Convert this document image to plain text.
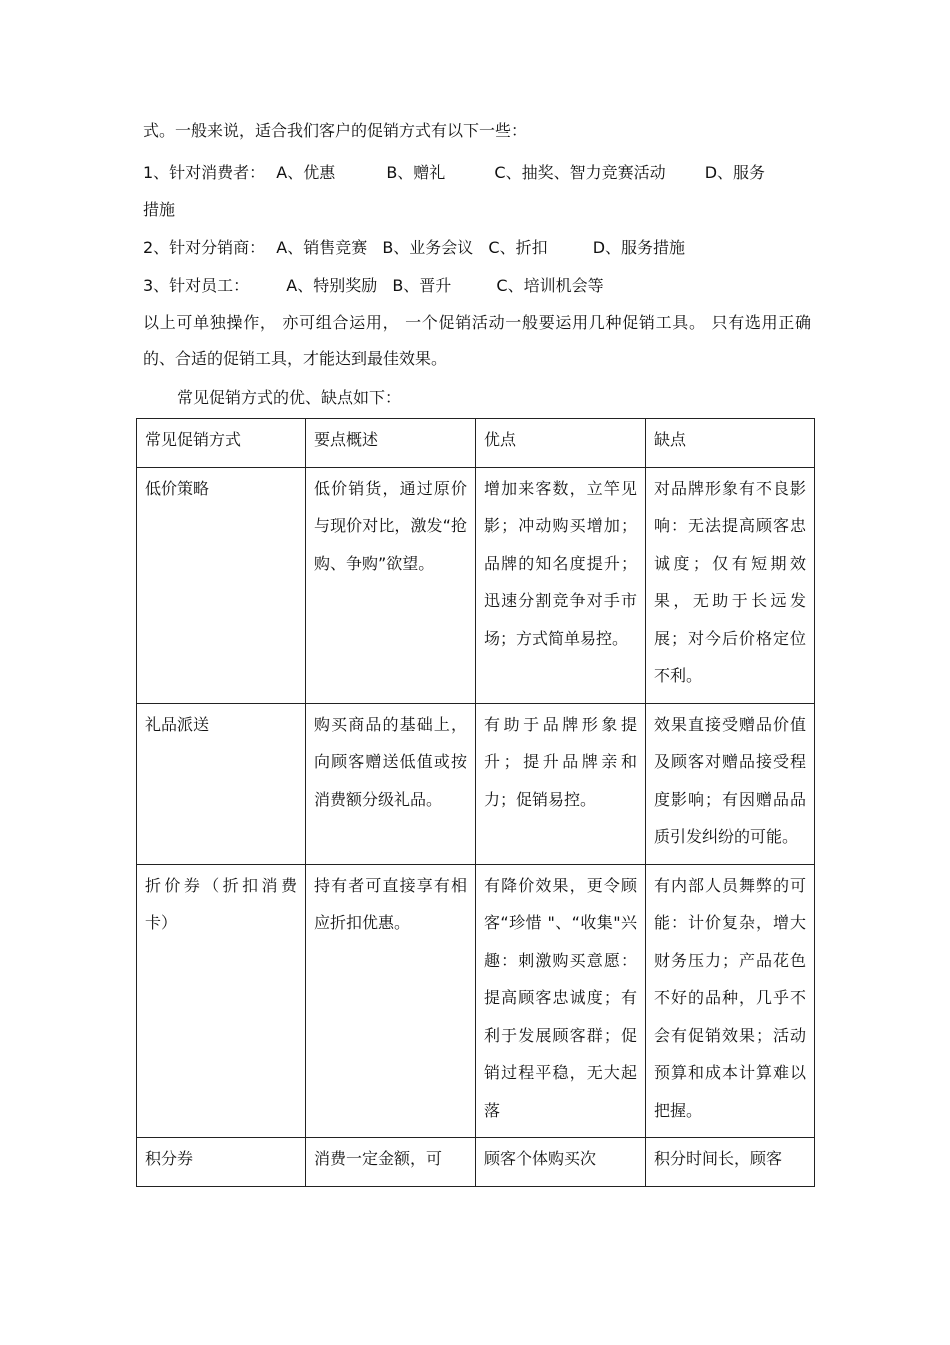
式。一般来说，适合我们客户的促销方式有以下一些：

1、针对消费者： A、优惠	B、赠礼	C、抽奖、智力竞赛活动 D、服务

措施

2、针对分销商： A、销售竞赛 B、业务会议 C、折扣	D、服务措施

3、针对员工： A、特别奖励 B、晋升	C、培训机会等

以上可单独操作， 亦可组合运用， 一个促销活动一般要运用几种促销工具。 只有选用正确的、合适的促销工具，才能达到最佳效果。

常见促销方式的优、缺点如下：

常见促销方式	要点概述	优点	缺点

低价策略	低价销货，通过原价与现价对比，激发“抢购、争购”欲望。	增加来客数，立竿见影；冲动购买增加；品牌的知名度提升；迅速分割竞争对手市场；方式简单易控。	对品牌形象有不良影响：无法提高顾客忠诚度；仅有短期效果，无助于长远发展；对今后价格定位不利。

礼品派送	购买商品的基础上，向顾客赠送低值或按消费额分级礼品。	有助于品牌形象提升；提升品牌亲和力；促销易控。	效果直接受赠品价值及顾客对赠品接受程度影响；有因赠品品质引发纠纷的可能。

折价券（折扣消费卡）	持有者可直接享有相应折扣优惠。	有降价效果，更令顾客“珍惜 "、“收集"兴趣：刺激购买意愿：提高顾客忠诚度；有利于发展顾客群；促销过程平稳，无大起落	有内部人员舞弊的可能：计价复杂，增大财务压力；产品花色不好的品种，几乎不会有促销效果；活动预算和成本计算难以把握。

积分券	消费一定金额，可	顾客个体购买次	积分时间长，顾客
